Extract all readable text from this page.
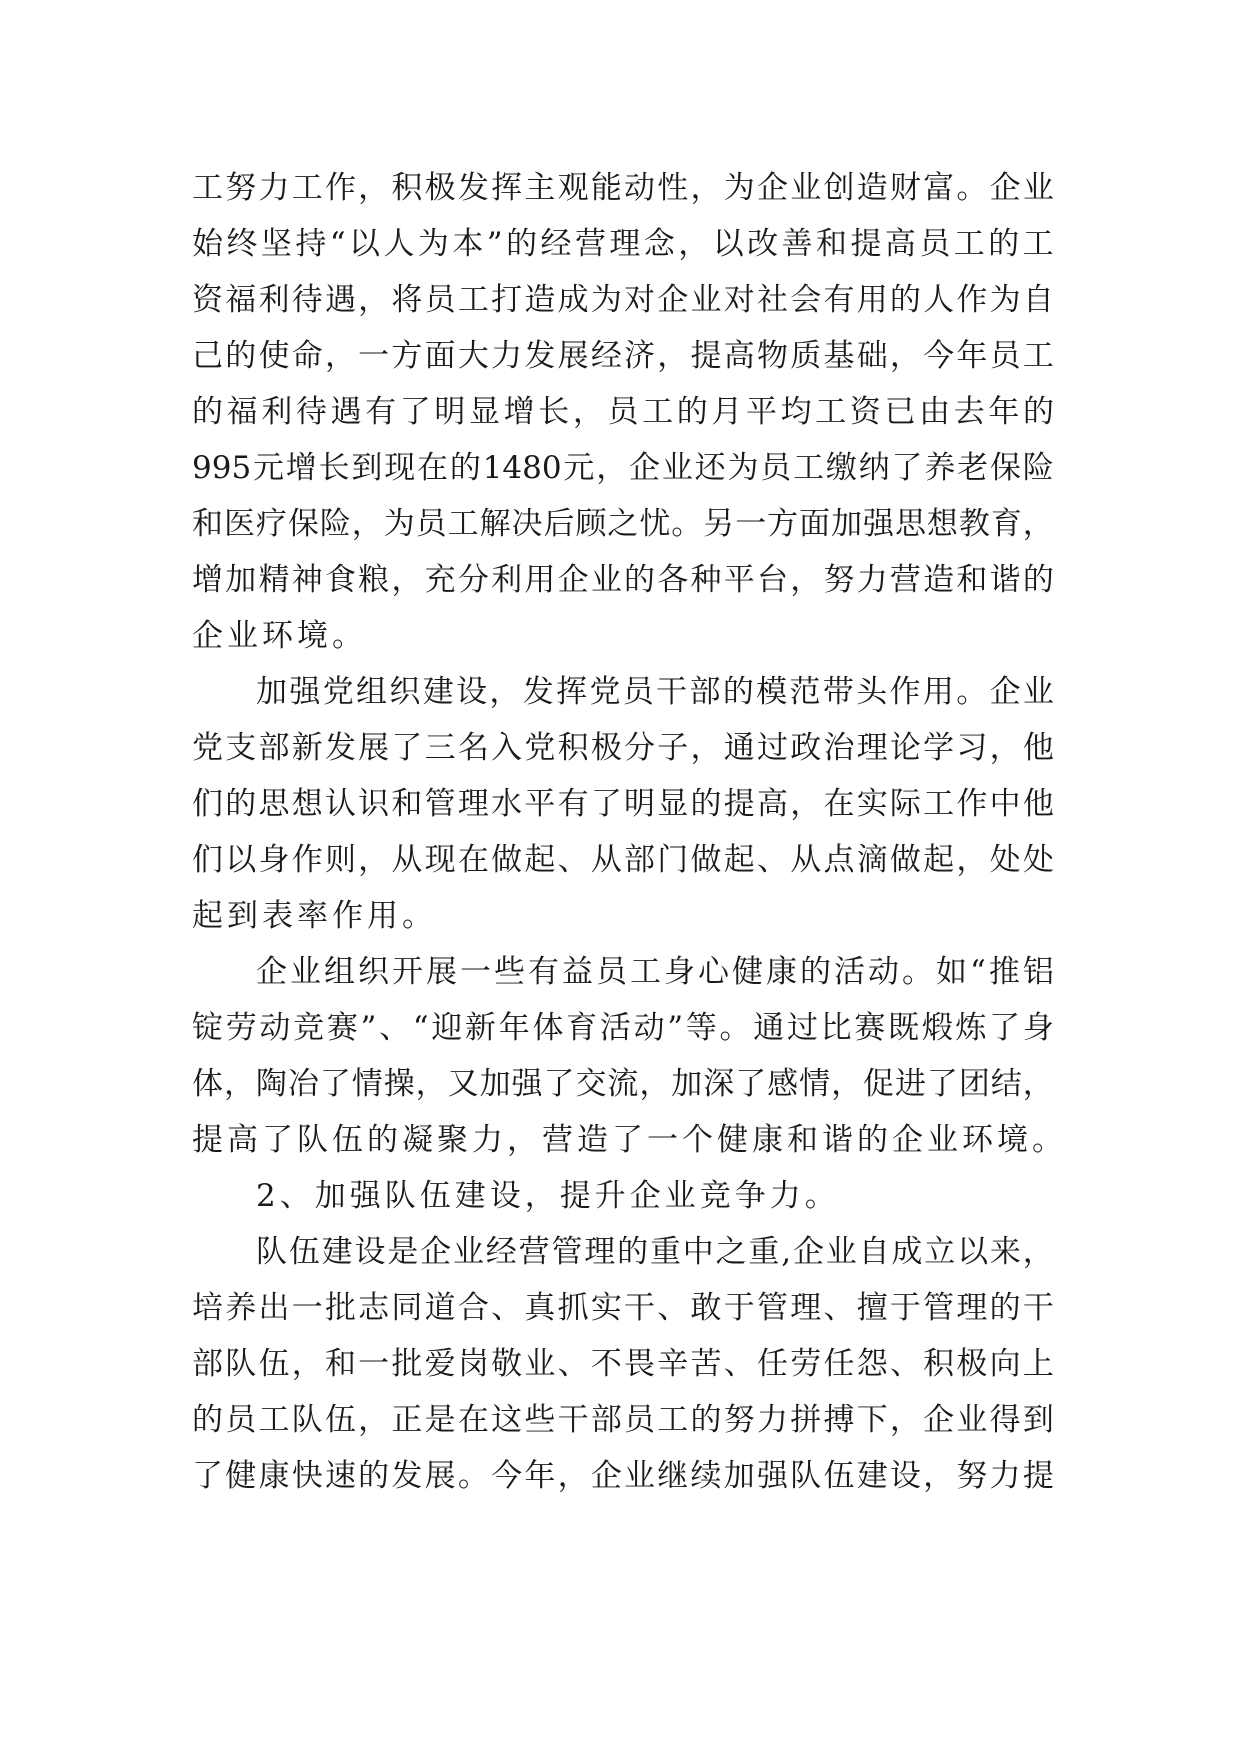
工 努 力 工 作 ， 积 极 发 挥 主 观 能 动 性 ， 为 企 业 创 造 财 富 。 企 业
始 终 坚 持 “ 以 人 为 本 ” 的 经 营 理 念 ， 以 改 善 和 提 高 员 工 的 工
资 福 利 待 遇 ， 将 员 工 打 造 成 为 对 企 业 对 社 会 有 用 的 人 作 为 自
己 的 使 命 ， 一 方 面 大 力 发 展 经 济 ， 提 高 物 质 基 础 ， 今 年 员 工
的 福 利 待 遇 有 了 明 显 增 长 ， 员 工 的 月 平 均 工 资 已 由 去 年 的
995 元 增 长 到 现 在 的 1480 元 ， 企 业 还 为 员 工 缴 纳 了 养 老 保 险
和 医 疗 保 险 ， 为 员 工 解 决 后 顾 之 忧 。 另 一 方 面 加 强 思 想 教 育 ，
增 加 精 神 食 粮 ， 充 分 利 用 企 业 的 各 种 平 台 ， 努 力 营 造 和 谐 的
企 业 环 境 。
加 强 党 组 织 建 设 ， 发 挥 党 员 干 部 的 模 范 带 头 作 用 。 企 业
党 支 部 新 发 展 了 三 名 入 党 积 极 分 子 ， 通 过 政 治 理 论 学 习 ， 他
们 的 思 想 认 识 和 管 理 水 平 有 了 明 显 的 提 高 ， 在 实 际 工 作 中 他
们 以 身 作 则 ， 从 现 在 做 起 、 从 部 门 做 起 、 从 点 滴 做 起 ， 处 处
起 到 表 率 作 用 。
企 业 组 织 开 展 一 些 有 益 员 工 身 心 健 康 的 活 动 。 如 “ 推 铝
锭 劳 动 竞 赛 ” 、 “ 迎 新 年 体 育 活 动 ” 等 。 通 过 比 赛 既 煅 炼 了 身
体 ， 陶 冶 了 情 操 ， 又 加 强 了 交 流 ， 加 深 了 感 情 ， 促 进 了 团 结 ，
提 高 了 队 伍 的 凝 聚 力 ， 营 造 了 一 个 健 康 和 谐 的 企 业 环 境 。
2 、 加 强 队 伍 建 设 ， 提 升 企 业 竞 争 力 。
队 伍 建 设 是 企 业 经 营 管 理 的 重 中 之 重 , 企 业 自 成 立 以 来 ，
培 养 出 一 批 志 同 道 合 、 真 抓 实 干 、 敢 于 管 理 、 擅 于 管 理 的 干
部 队 伍 ， 和 一 批 爱 岗 敬 业 、 不 畏 辛 苦 、 任 劳 任 怨 、 积 极 向 上
的 员 工 队 伍 ， 正 是 在 这 些 干 部 员 工 的 努 力 拼 搏 下 ， 企 业 得 到
了 健 康 快 速 的 发 展 。 今 年 ， 企 业 继 续 加 强 队 伍 建 设 ， 努 力 提
